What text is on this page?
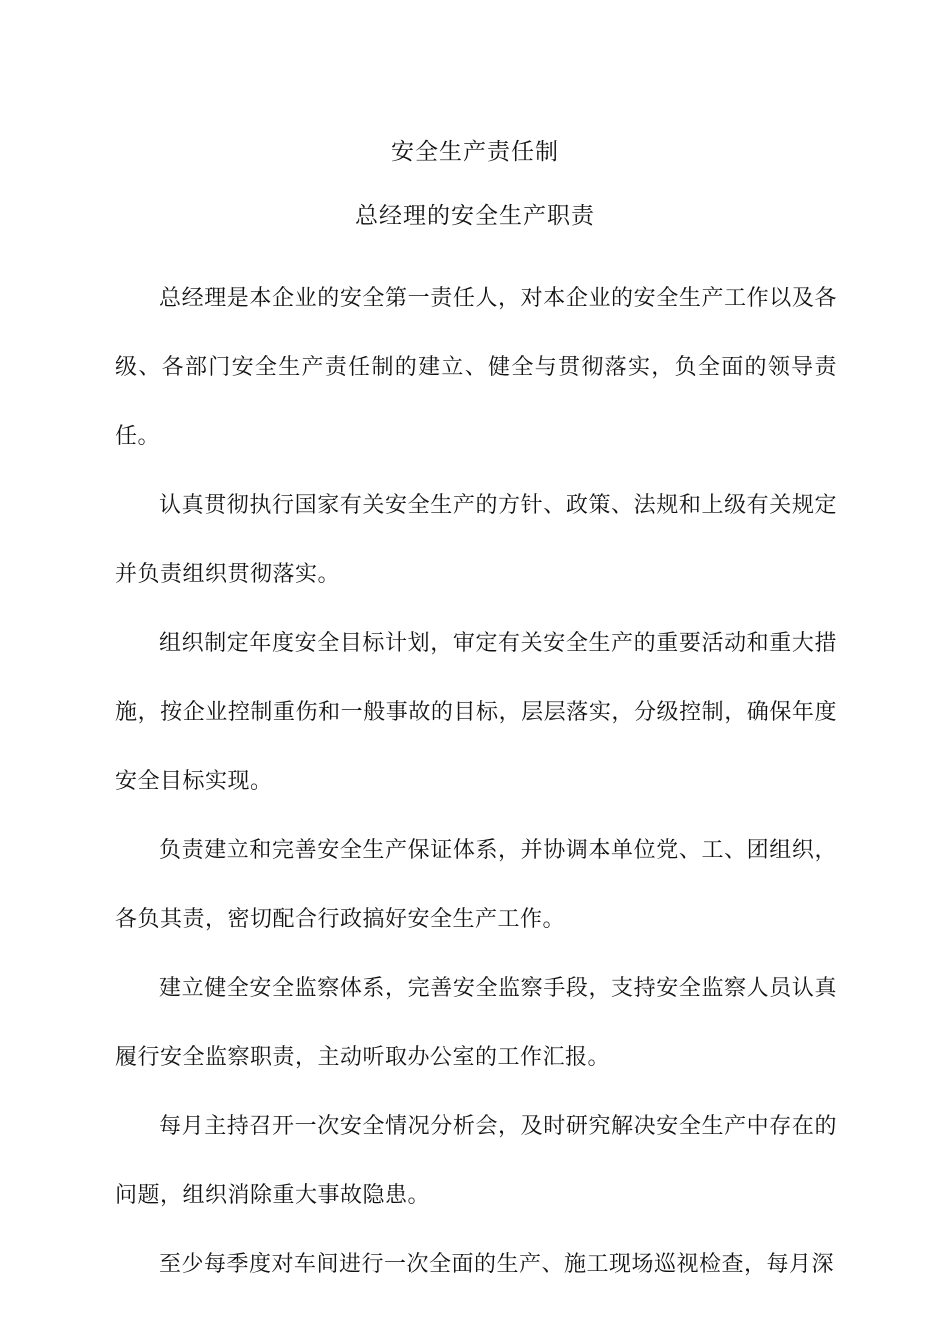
安全生产责任制
总经理的安全生产职责

总经理是本企业的安全第一责任人，对本企业的安全生产工作以及各级、各部门安全生产责任制的建立、健全与贯彻落实，负全面的领导责任。

认真贯彻执行国家有关安全生产的方针、政策、法规和上级有关规定并负责组织贯彻落实。

组织制定年度安全目标计划，审定有关安全生产的重要活动和重大措施，按企业控制重伤和一般事故的目标，层层落实，分级控制，确保年度安全目标实现。

负责建立和完善安全生产保证体系，并协调本单位党、工、团组织，各负其责，密切配合行政搞好安全生产工作。

建立健全安全监察体系，完善安全监察手段，支持安全监察人员认真履行安全监察职责，主动听取办公室的工作汇报。

每月主持召开一次安全情况分析会，及时研究解决安全生产中存在的问题，组织消除重大事故隐患。

至少每季度对车间进行一次全面的生产、施工现场巡视检查，每月深
